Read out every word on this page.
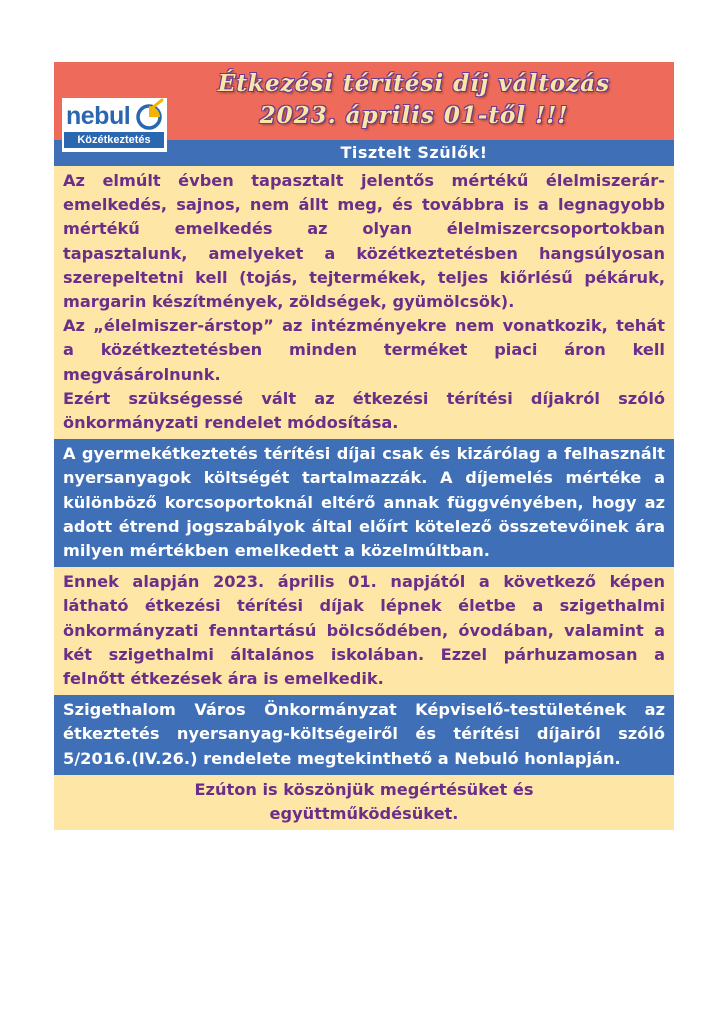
Étkezési térítési díj változás
2023. április 01-től !!!
nebul
Közétkeztetés
Tisztelt Szülők!

Az elmúlt évben tapasztalt jelentős mértékű élelmiszerár-emelkedés, sajnos, nem állt meg, és továbbra is a legnagyobb mértékű emelkedés az olyan élelmiszercsoportokban tapasztalunk, amelyeket a közétkeztetésben hangsúlyosan szerepeltetni kell (tojás, tejtermékek, teljes kiőrlésű pékáruk, margarin készítmények, zöldségek, gyümölcsök).

Az „élelmiszer-árstop” az intézményekre nem vonatkozik, tehát a közétkeztetésben minden terméket piaci áron kell megvásárolnunk.

Ezért szükségessé vált az étkezési térítési díjakról szóló önkormányzati rendelet módosítása.

A gyermekétkeztetés térítési díjai csak és kizárólag a felhasznált nyersanyagok költségét tartalmazzák. A díjemelés mértéke a különböző korcsoportoknál eltérő annak függvényében, hogy az adott étrend jogszabályok által előírt kötelező összetevőinek ára milyen mértékben emelkedett a közelmúltban.

Ennek alapján 2023. április 01. napjától a következő képen látható étkezési térítési díjak lépnek életbe a szigethalmi önkormányzati fenntartású bölcsődében, óvodában, valamint a két szigethalmi általános iskolában. Ezzel párhuzamosan a felnőtt étkezések ára is emelkedik.

Szigethalom Város Önkormányzat Képviselő-testületének az étkeztetés nyersanyag-költségeiről és térítési díjairól szóló 5/2016.(IV.26.) rendelete megtekinthető a Nebuló honlapján.

Ezúton is köszönjük megértésüket és

együttműködésüket.
